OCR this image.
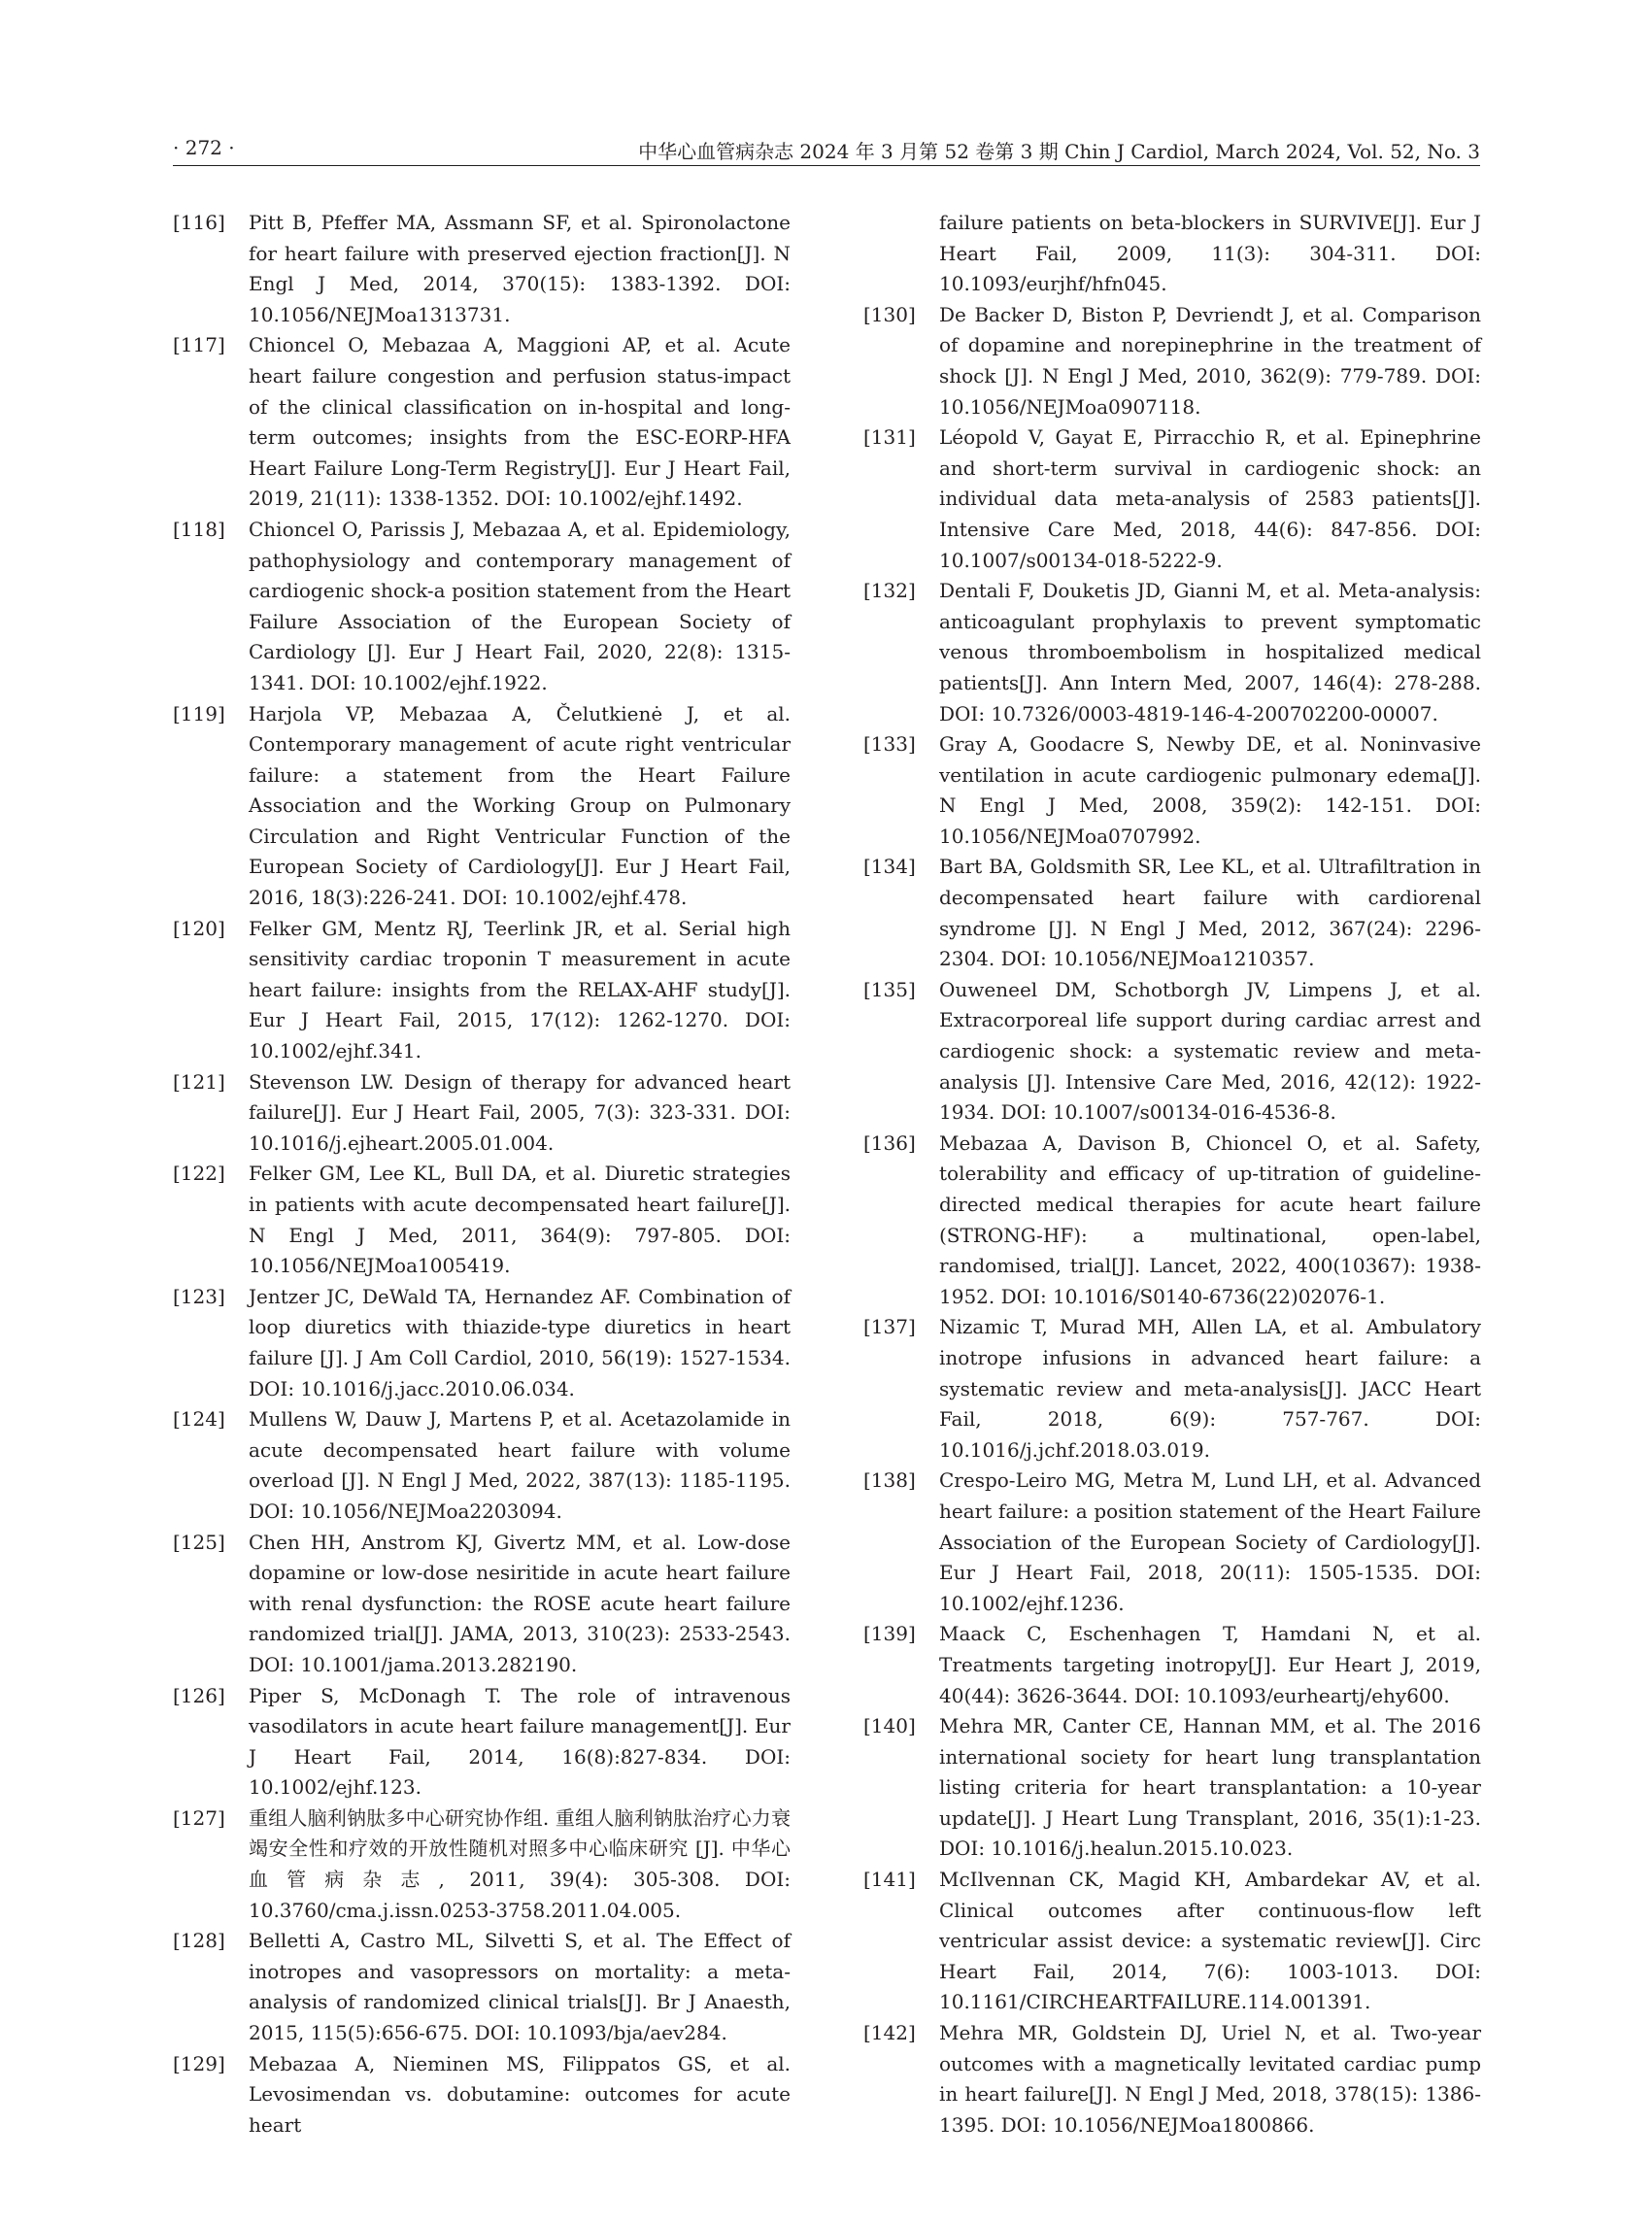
· 272 ·	中华心血管病杂志 2024 年 3 月第 52 卷第 3 期 Chin J Cardiol, March 2024, Vol. 52, No. 3
[116]	Pitt B, Pfeffer MA, Assmann SF, et al. Spironolactone for heart failure with preserved ejection fraction[J]. N Engl J Med, 2014, 370(15): 1383-1392. DOI: 10.1056/NEJMoa1313731.
[117]	Chioncel O, Mebazaa A, Maggioni AP, et al. Acute heart failure congestion and perfusion status-impact of the clinical classification on in-hospital and long-term outcomes; insights from the ESC-EORP-HFA Heart Failure Long-Term Registry[J]. Eur J Heart Fail, 2019, 21(11): 1338-1352. DOI: 10.1002/ejhf.1492.
[118]	Chioncel O, Parissis J, Mebazaa A, et al. Epidemiology, pathophysiology and contemporary management of cardiogenic shock-a position statement from the Heart Failure Association of the European Society of Cardiology [J]. Eur J Heart Fail, 2020, 22(8): 1315-1341. DOI: 10.1002/ejhf.1922.
[119]	Harjola VP, Mebazaa A, Čelutkienė J, et al. Contemporary management of acute right ventricular failure: a statement from the Heart Failure Association and the Working Group on Pulmonary Circulation and Right Ventricular Function of the European Society of Cardiology[J]. Eur J Heart Fail, 2016, 18(3):226-241. DOI: 10.1002/ejhf.478.
[120]	Felker GM, Mentz RJ, Teerlink JR, et al. Serial high sensitivity cardiac troponin T measurement in acute heart failure: insights from the RELAX-AHF study[J]. Eur J Heart Fail, 2015, 17(12): 1262-1270. DOI: 10.1002/ejhf.341.
[121]	Stevenson LW. Design of therapy for advanced heart failure[J]. Eur J Heart Fail, 2005, 7(3): 323-331. DOI: 10.1016/j.ejheart.2005.01.004.
[122]	Felker GM, Lee KL, Bull DA, et al. Diuretic strategies in patients with acute decompensated heart failure[J]. N Engl J Med, 2011, 364(9): 797-805. DOI: 10.1056/NEJMoa1005419.
[123]	Jentzer JC, DeWald TA, Hernandez AF. Combination of loop diuretics with thiazide-type diuretics in heart failure [J]. J Am Coll Cardiol, 2010, 56(19): 1527-1534. DOI: 10.1016/j.jacc.2010.06.034.
[124]	Mullens W, Dauw J, Martens P, et al. Acetazolamide in acute decompensated heart failure with volume overload [J]. N Engl J Med, 2022, 387(13): 1185-1195. DOI: 10.1056/NEJMoa2203094.
[125]	Chen HH, Anstrom KJ, Givertz MM, et al. Low-dose dopamine or low-dose nesiritide in acute heart failure with renal dysfunction: the ROSE acute heart failure randomized trial[J]. JAMA, 2013, 310(23): 2533-2543. DOI: 10.1001/jama.2013.282190.
[126]	Piper S, McDonagh T. The role of intravenous vasodilators in acute heart failure management[J]. Eur J Heart Fail, 2014, 16(8):827-834. DOI: 10.1002/ejhf.123.
[127]	重组人脑利钠肽多中心研究协作组. 重组人脑利钠肽治疗心力衰竭安全性和疗效的开放性随机对照多中心临床研究 [J]. 中华心血管病杂志, 2011, 39(4): 305-308. DOI: 10.3760/cma.j.issn.0253-3758.2011.04.005.
[128]	Belletti A, Castro ML, Silvetti S, et al. The Effect of inotropes and vasopressors on mortality: a meta-analysis of randomized clinical trials[J]. Br J Anaesth, 2015, 115(5):656-675. DOI: 10.1093/bja/aev284.
[129]	Mebazaa A, Nieminen MS, Filippatos GS, et al. Levosimendan vs. dobutamine: outcomes for acute heart
failure patients on beta-blockers in SURVIVE[J]. Eur J Heart Fail, 2009, 11(3): 304-311. DOI: 10.1093/eurjhf/hfn045.
[130]	De Backer D, Biston P, Devriendt J, et al. Comparison of dopamine and norepinephrine in the treatment of shock [J]. N Engl J Med, 2010, 362(9): 779-789. DOI: 10.1056/NEJMoa0907118.
[131]	Léopold V, Gayat E, Pirracchio R, et al. Epinephrine and short-term survival in cardiogenic shock: an individual data meta-analysis of 2583 patients[J]. Intensive Care Med, 2018, 44(6): 847-856. DOI: 10.1007/s00134-018-5222-9.
[132]	Dentali F, Douketis JD, Gianni M, et al. Meta-analysis: anticoagulant prophylaxis to prevent symptomatic venous thromboembolism in hospitalized medical patients[J]. Ann Intern Med, 2007, 146(4): 278-288. DOI: 10.7326/0003-4819-146-4-200702200-00007.
[133]	Gray A, Goodacre S, Newby DE, et al. Noninvasive ventilation in acute cardiogenic pulmonary edema[J]. N Engl J Med, 2008, 359(2): 142-151. DOI: 10.1056/NEJMoa0707992.
[134]	Bart BA, Goldsmith SR, Lee KL, et al. Ultrafiltration in decompensated heart failure with cardiorenal syndrome [J]. N Engl J Med, 2012, 367(24): 2296-2304. DOI: 10.1056/NEJMoa1210357.
[135]	Ouweneel DM, Schotborgh JV, Limpens J, et al. Extracorporeal life support during cardiac arrest and cardiogenic shock: a systematic review and meta-analysis [J]. Intensive Care Med, 2016, 42(12): 1922-1934. DOI: 10.1007/s00134-016-4536-8.
[136]	Mebazaa A, Davison B, Chioncel O, et al. Safety, tolerability and efficacy of up-titration of guideline-directed medical therapies for acute heart failure (STRONG-HF): a multinational, open-label, randomised, trial[J]. Lancet, 2022, 400(10367): 1938-1952. DOI: 10.1016/S0140-6736(22)02076-1.
[137]	Nizamic T, Murad MH, Allen LA, et al. Ambulatory inotrope infusions in advanced heart failure: a systematic review and meta-analysis[J]. JACC Heart Fail, 2018, 6(9): 757-767. DOI: 10.1016/j.jchf.2018.03.019.
[138]	Crespo-Leiro MG, Metra M, Lund LH, et al. Advanced heart failure: a position statement of the Heart Failure Association of the European Society of Cardiology[J]. Eur J Heart Fail, 2018, 20(11): 1505-1535. DOI: 10.1002/ejhf.1236.
[139]	Maack C, Eschenhagen T, Hamdani N, et al. Treatments targeting inotropy[J]. Eur Heart J, 2019, 40(44): 3626-3644. DOI: 10.1093/eurheartj/ehy600.
[140]	Mehra MR, Canter CE, Hannan MM, et al. The 2016 international society for heart lung transplantation listing criteria for heart transplantation: a 10-year update[J]. J Heart Lung Transplant, 2016, 35(1):1-23. DOI: 10.1016/j.healun.2015.10.023.
[141]	McIlvennan CK, Magid KH, Ambardekar AV, et al. Clinical outcomes after continuous-flow left ventricular assist device: a systematic review[J]. Circ Heart Fail, 2014, 7(6): 1003-1013. DOI: 10.1161/CIRCHEARTFAILURE.114.001391.
[142]	Mehra MR, Goldstein DJ, Uriel N, et al. Two-year outcomes with a magnetically levitated cardiac pump in heart failure[J]. N Engl J Med, 2018, 378(15): 1386-1395. DOI: 10.1056/NEJMoa1800866.
